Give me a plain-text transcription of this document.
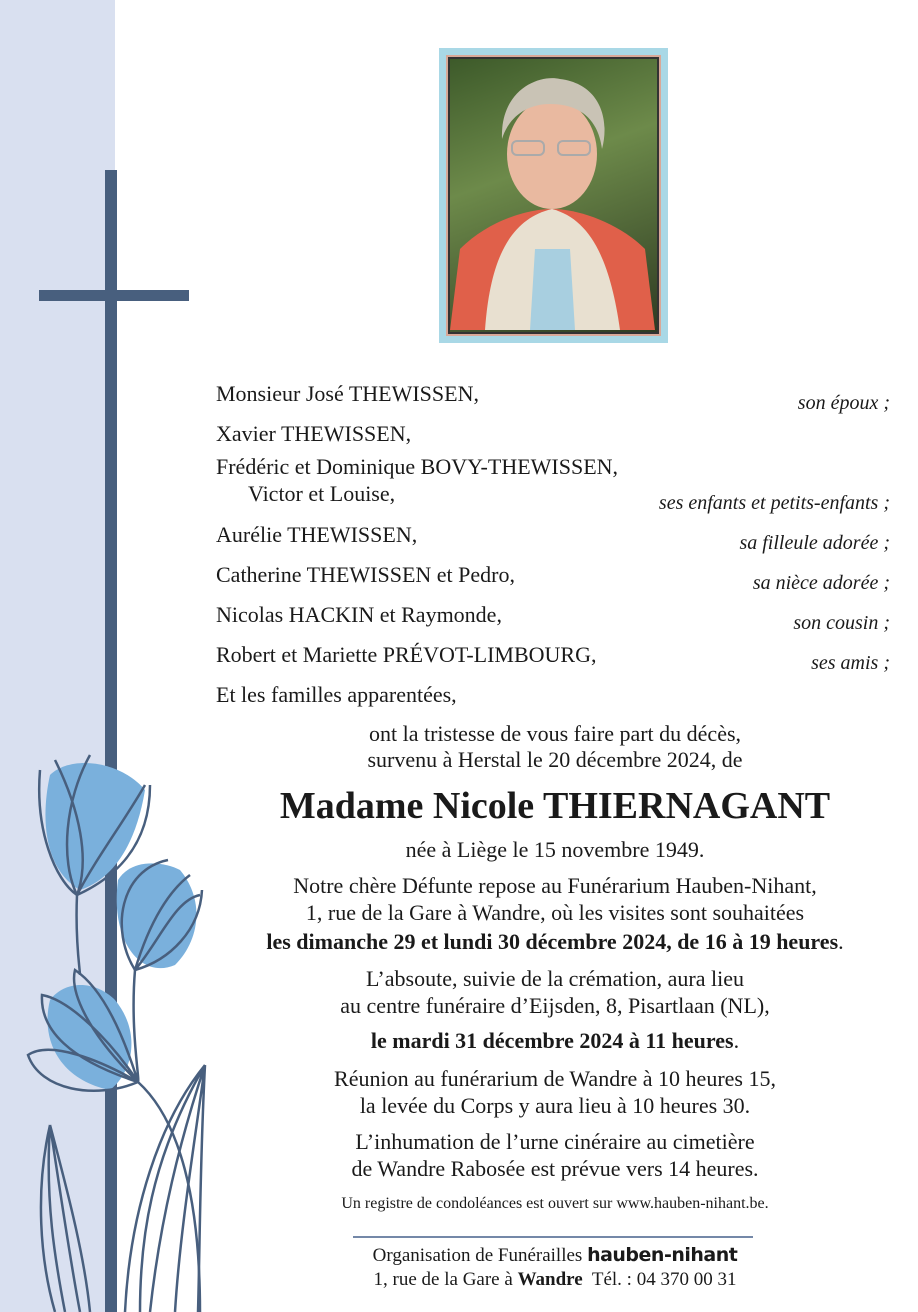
Monsieur José THEWISSEN,	son époux ;
Xavier THEWISSEN,
Frédéric et Dominique BOVY-THEWISSEN,
Victor et Louise,	ses enfants et petits-enfants ;
Aurélie THEWISSEN,	sa filleule adorée ;
Catherine THEWISSEN et Pedro,	sa nièce adorée ;
Nicolas HACKIN et Raymonde,	son cousin ;
Robert et Mariette PRÉVOT-LIMBOURG,	ses amis ;
Et les familles apparentées,
ont la tristesse de vous faire part du décès,
survenu à Herstal le 20 décembre 2024, de
Madame Nicole THIERNAGANT
née à Liège le 15 novembre 1949.
Notre chère Défunte repose au Funérarium Hauben-Nihant,
1, rue de la Gare à Wandre, où les visites sont souhaitées
les dimanche 29 et lundi 30 décembre 2024, de 16 à 19 heures.
L’absoute, suivie de la crémation, aura lieu
au centre funéraire d’Eijsden, 8, Pisartlaan (NL),
le mardi 31 décembre 2024 à 11 heures.
Réunion au funérarium de Wandre à 10 heures 15,
la levée du Corps y aura lieu à 10 heures 30.
L’inhumation de l’urne cinéraire au cimetière
de Wandre Rabosée est prévue vers 14 heures.
Un registre de condoléances est ouvert sur www.hauben-nihant.be.
Organisation de Funérailles hauben-nihant
1, rue de la Gare à Wandre Tél. : 04 370 00 31
